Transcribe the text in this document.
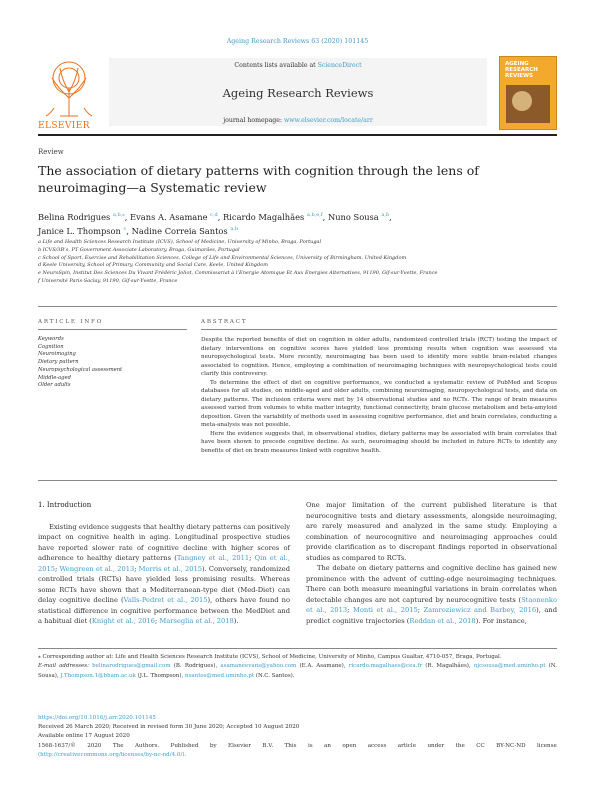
Ageing Research Reviews 63 (2020) 101145
ELSEVIER
Contents lists available at ScienceDirect
Ageing Research Reviews
journal homepage: www.elsevier.com/locate/arr
AGEING RESEARCH REVIEWS
Review
The association of dietary patterns with cognition through the lens of neuroimaging—a Systematic review
Belina Rodrigues $^{a,b,⁎}$, Evans A. Asamane $^{c,d}$, Ricardo Magalhães $^{a,b,e,f}$, Nuno Sousa $^{a,b}$,
Janice L. Thompson $^c$, Nadine Correia Santos $^{a,b}$
a Life and Health Sciences Research Institute (ICVS), School of Medicine, University of Minho, Braga, Portugal
b ICVS/3B’s, PT Government Associate Laboratory, Braga, Guimarães, Portugal
c School of Sport, Exercise and Rehabilitation Sciences, College of Life and Environmental Sciences, University of Birmingham, United Kingdom
d Keele University, School of Primary, Community and Social Care, Keele, United Kingdom
e NeuroSpin, Institut Des Sciences Du Vivant Frédéric Joliot, Commissariat à l’Energie Atomique Et Aux Energies Alternatives, 91190, Gif-sur-Yvette, France
f Université Paris-Saclay, 91190, Gif-sur-Yvette, France
ARTICLE INFO	ABSTRACT
Keywords
Cognition
Neuroimaging
Dietary pattern
Neuropsychological assessment
Middle-aged
Older adults

Despite the reported benefits of diet on cognition in older adults, randomized controlled trials (RCT) testing the impact of dietary interventions on cognitive scores have yielded less promising results when cognition was assessed via neuropsychological tests. More recently, neuroimaging has been used to identify more subtle brain-related changes associated to cognition. Hence, employing a combination of neuroimaging techniques with neuropsychological tests could clarify this controversy.

To determine the effect of diet on cognitive performance, we conducted a systematic review of PubMed and Scopus databases for all studies, on middle-aged and older adults, combining neuroimaging, neuropsychological tests, and data on dietary patterns. The inclusion criteria were met by 14 observational studies and no RCTs. The range of brain measures assessed varied from volumes to white matter integrity, functional connectivity, brain glucose metabolism and beta-amyloid deposition. Given the variability of methods used in assessing cognitive performance, diet and brain correlates, conducting a meta-analysis was not possible.

Here the evidence suggests that, in observational studies, dietary patterns may be associated with brain correlates that have been shown to precede cognitive decline. As such, neuroimaging should be included in future RCTs to identify any benefits of diet on brain measures linked with cognitive health.

1. Introduction

Existing evidence suggests that healthy dietary patterns can positively impact on cognitive health in aging. Longitudinal prospective studies have reported slower rate of cognitive decline with higher scores of adherence to healthy dietary patterns (Tangney et al., 2011; Qin et al., 2015; Wengreen et al., 2013; Morris et al., 2015). Conversely, randomized controlled trials (RCTs) have yielded less promising results. Whereas some RCTs have shown that a Mediterranean-type diet (Med-Diet) can delay cognitive decline (Valls-Pedret et al., 2015), others have found no statistical difference in cognitive performance between the MedDiet and a habitual diet (Knight et al., 2016; Marseglia et al., 2018).

One major limitation of the current published literature is that neurocognitive tests and dietary assessments, alongside neuroimaging, are rarely measured and analyzed in the same study. Employing a combination of neurocognitive and neuroimaging approaches could provide clarification as to discrepant findings reported in observational studies as compared to RCTs.

The debate on dietary patterns and cognitive decline has gained new prominence with the advent of cutting-edge neuroimaging techniques. There can both measure meaningful variations in brain correlates when detectable changes are not captured by neurocognitive tests (Staonenko et al., 2013; Monti et al., 2015; Zamroziewicz and Barbey, 2016), and predict cognitive trajectories (Reddan et al., 2018). For instance,

⁎ Corresponding author at: Life and Health Sciences Research Institute (ICVS), School of Medicine, University of Minho, Campus Gualtar, 4710-057, Braga, Portugal.

E-mail addresses: belinarodrigues@gmail.com (B. Rodrigues), asamaneevans@yahoo.com (E.A. Asamane), ricardo.magalhaes@cea.fr (R. Magalhães), njcsousa@med.uminho.pt (N. Sousa), J.Thompson.1@bham.ac.uk (J.L. Thompson), nsantos@med.uminho.pt (N.C. Santos).

https://doi.org/10.1016/j.arr.2020.101145

Received 26 March 2020; Received in revised form 30 June 2020; Accepted 10 August 2020

Available online 17 August 2020

1568-1637/© 2020 The Authors. Published by Elsevier B.V. This is an open access article under the CC BY-NC-ND license

(http://creativecommons.org/licenses/by-nc-nd/4.0/).
